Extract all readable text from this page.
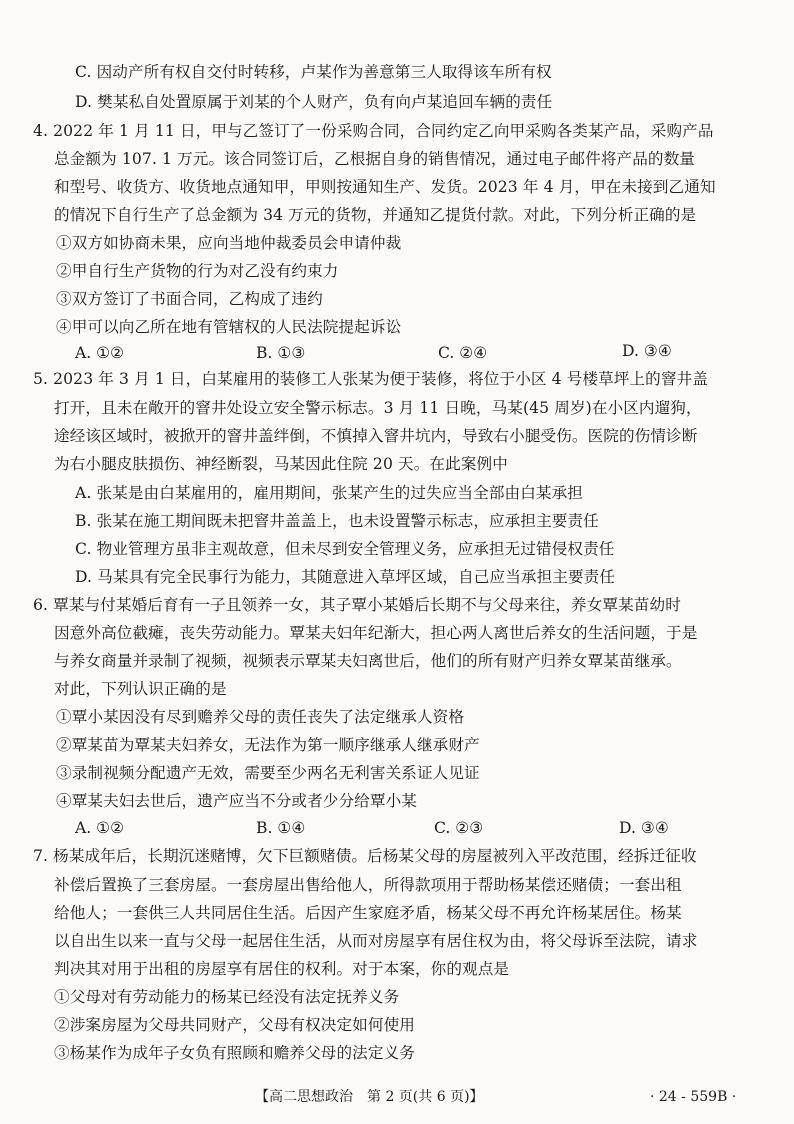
C. 因动产所有权自交付时转移，卢某作为善意第三人取得该车所有权
D. 樊某私自处置原属于刘某的个人财产，负有向卢某追回车辆的责任
4. 2022 年 1 月 11 日，甲与乙签订了一份采购合同，合同约定乙向甲采购各类某产品，采购产品
总金额为 107. 1 万元。该合同签订后，乙根据自身的销售情况，通过电子邮件将产品的数量
和型号、收货方、收货地点通知甲，甲则按通知生产、发货。2023 年 4 月，甲在未接到乙通知
的情况下自行生产了总金额为 34 万元的货物，并通知乙提货付款。对此，下列分析正确的是
①双方如协商未果，应向当地仲裁委员会申请仲裁
②甲自行生产货物的行为对乙没有约束力
③双方签订了书面合同，乙构成了违约
④甲可以向乙所在地有管辖权的人民法院提起诉讼
A. ①②	B. ①③	C. ②④	D. ③④
5. 2023 年 3 月 1 日，白某雇用的装修工人张某为便于装修，将位于小区 4 号楼草坪上的窨井盖
打开，且未在敞开的窨井处设立安全警示标志。3 月 11 日晚，马某(45 周岁)在小区内遛狗，
途经该区域时，被掀开的窨井盖绊倒，不慎掉入窨井坑内，导致右小腿受伤。医院的伤情诊断
为右小腿皮肤损伤、神经断裂，马某因此住院 20 天。在此案例中
A. 张某是由白某雇用的，雇用期间，张某产生的过失应当全部由白某承担
B. 张某在施工期间既未把窨井盖盖上，也未设置警示标志，应承担主要责任
C. 物业管理方虽非主观故意，但未尽到安全管理义务，应承担无过错侵权责任
D. 马某具有完全民事行为能力，其随意进入草坪区域，自己应当承担主要责任
6. 覃某与付某婚后育有一子且领养一女，其子覃小某婚后长期不与父母来往，养女覃某苗幼时
因意外高位截瘫，丧失劳动能力。覃某夫妇年纪渐大，担心两人离世后养女的生活问题，于是
与养女商量并录制了视频，视频表示覃某夫妇离世后，他们的所有财产归养女覃某苗继承。
对此，下列认识正确的是
①覃小某因没有尽到赡养父母的责任丧失了法定继承人资格
②覃某苗为覃某夫妇养女，无法作为第一顺序继承人继承财产
③录制视频分配遗产无效，需要至少两名无利害关系证人见证
④覃某夫妇去世后，遗产应当不分或者少分给覃小某
A. ①②	B. ①④	C. ②③	D. ③④
7. 杨某成年后，长期沉迷赌博，欠下巨额赌债。后杨某父母的房屋被列入平改范围，经拆迁征收
补偿后置换了三套房屋。一套房屋出售给他人，所得款项用于帮助杨某偿还赌债；一套出租
给他人；一套供三人共同居住生活。后因产生家庭矛盾，杨某父母不再允许杨某居住。杨某
以自出生以来一直与父母一起居住生活，从而对房屋享有居住权为由，将父母诉至法院，请求
判决其对用于出租的房屋享有居住的权利。对于本案，你的观点是
①父母对有劳动能力的杨某已经没有法定抚养义务
②涉案房屋为父母共同财产，父母有权决定如何使用
③杨某作为成年子女负有照顾和赡养父母的法定义务
【高二思想政治　第 2 页(共 6 页)】	· 24 - 559B ·
